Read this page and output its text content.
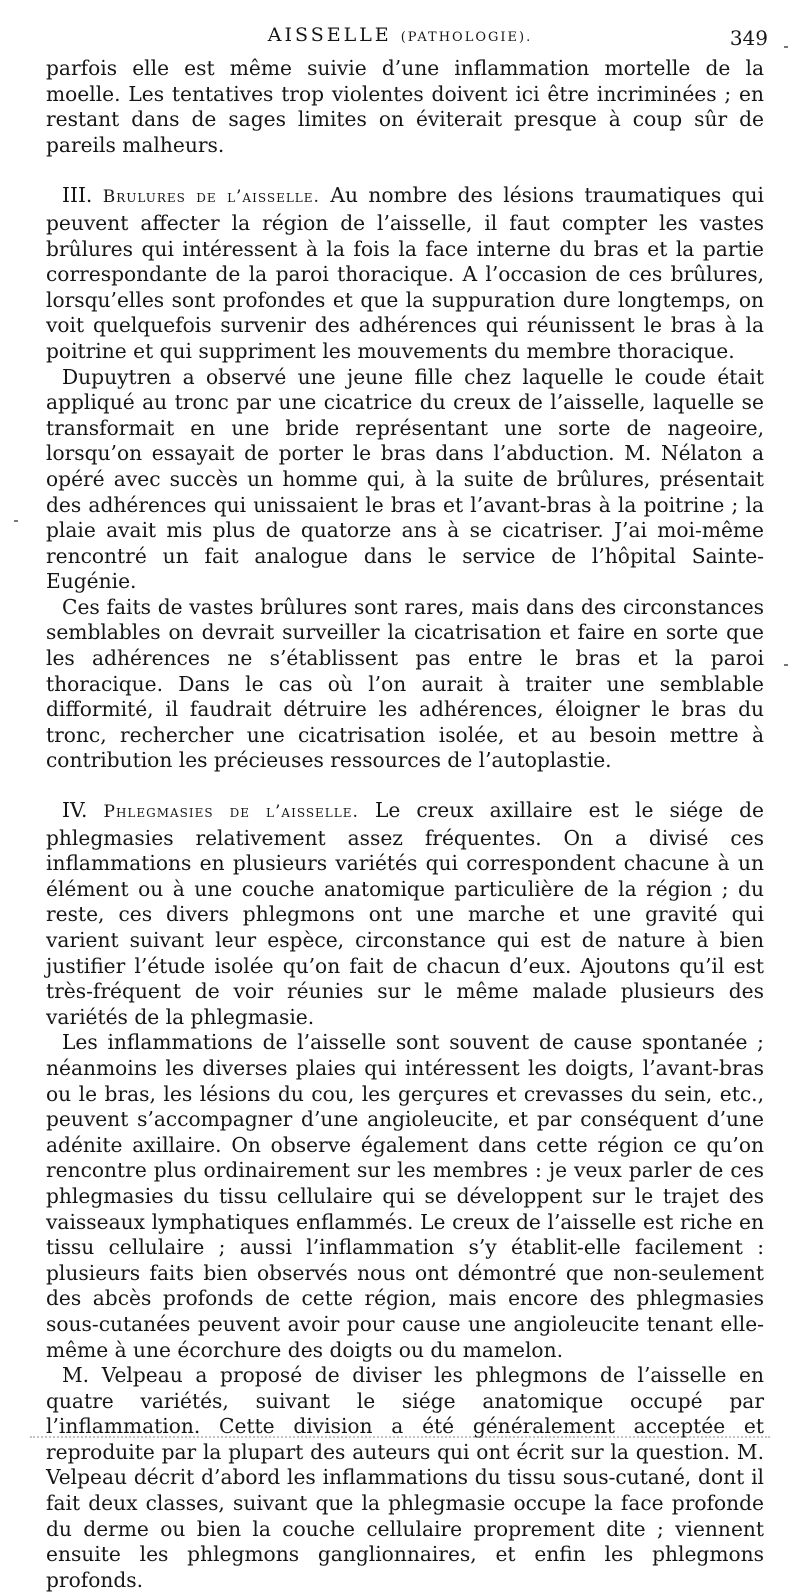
AISSELLE (PATHOLOGIE).	349

parfois elle est même suivie d’une inflammation mortelle de la moelle. Les tentatives trop violentes doivent ici être incriminées ; en restant dans de sages limites on éviterait presque à coup sûr de pareils malheurs.

III. Brulures de l’aisselle. Au nombre des lésions traumatiques qui peuvent affecter la région de l’aisselle, il faut compter les vastes brûlures qui intéressent à la fois la face interne du bras et la partie correspondante de la paroi thoracique. A l’occasion de ces brûlures, lorsqu’elles sont profondes et que la suppuration dure longtemps, on voit quelquefois survenir des adhérences qui réunissent le bras à la poitrine et qui suppriment les mouvements du membre thoracique.

Dupuytren a observé une jeune fille chez laquelle le coude était appliqué au tronc par une cicatrice du creux de l’aisselle, laquelle se transformait en une bride représentant une sorte de nageoire, lorsqu’on essayait de porter le bras dans l’abduction. M. Nélaton a opéré avec succès un homme qui, à la suite de brûlures, présentait des adhérences qui unissaient le bras et l’avant-bras à la poitrine ; la plaie avait mis plus de quatorze ans à se cicatriser. J’ai moi-même rencontré un fait analogue dans le service de l’hôpital Sainte-Eugénie.

Ces faits de vastes brûlures sont rares, mais dans des circonstances semblables on devrait surveiller la cicatrisation et faire en sorte que les adhérences ne s’établissent pas entre le bras et la paroi thoracique. Dans le cas où l’on aurait à traiter une semblable difformité, il faudrait détruire les adhérences, éloigner le bras du tronc, rechercher une cicatrisation isolée, et au besoin mettre à contribution les précieuses ressources de l’autoplastie.

IV. Phlegmasies de l’aisselle. Le creux axillaire est le siége de phlegmasies relativement assez fréquentes. On a divisé ces inflammations en plusieurs variétés qui correspondent chacune à un élément ou à une couche anatomique particulière de la région ; du reste, ces divers phlegmons ont une marche et une gravité qui varient suivant leur espèce, circonstance qui est de nature à bien justifier l’étude isolée qu’on fait de chacun d’eux. Ajoutons qu’il est très-fréquent de voir réunies sur le même malade plusieurs des variétés de la phlegmasie.

Les inflammations de l’aisselle sont souvent de cause spontanée ; néanmoins les diverses plaies qui intéressent les doigts, l’avant-bras ou le bras, les lésions du cou, les gerçures et crevasses du sein, etc., peuvent s’accompagner d’une angioleucite, et par conséquent d’une adénite axillaire. On observe également dans cette région ce qu’on rencontre plus ordinairement sur les membres : je veux parler de ces phlegmasies du tissu cellulaire qui se développent sur le trajet des vaisseaux lymphatiques enflammés. Le creux de l’aisselle est riche en tissu cellulaire ; aussi l’inflammation s’y établit-elle facilement : plusieurs faits bien observés nous ont démontré que non-seulement des abcès profonds de cette région, mais encore des phlegmasies sous-cutanées peuvent avoir pour cause une angioleucite tenant elle-même à une écorchure des doigts ou du mamelon.

M. Velpeau a proposé de diviser les phlegmons de l’aisselle en quatre variétés, suivant le siége anatomique occupé par l’inflammation. Cette division a été généralement acceptée et reproduite par la plupart des auteurs qui ont écrit sur la question. M. Velpeau décrit d’abord les inflammations du tissu sous-cutané, dont il fait deux classes, suivant que la phlegmasie occupe la face profonde du derme ou bien la couche cellulaire proprement dite ; viennent ensuite les phlegmons ganglionnaires, et enfin les phlegmons profonds.
